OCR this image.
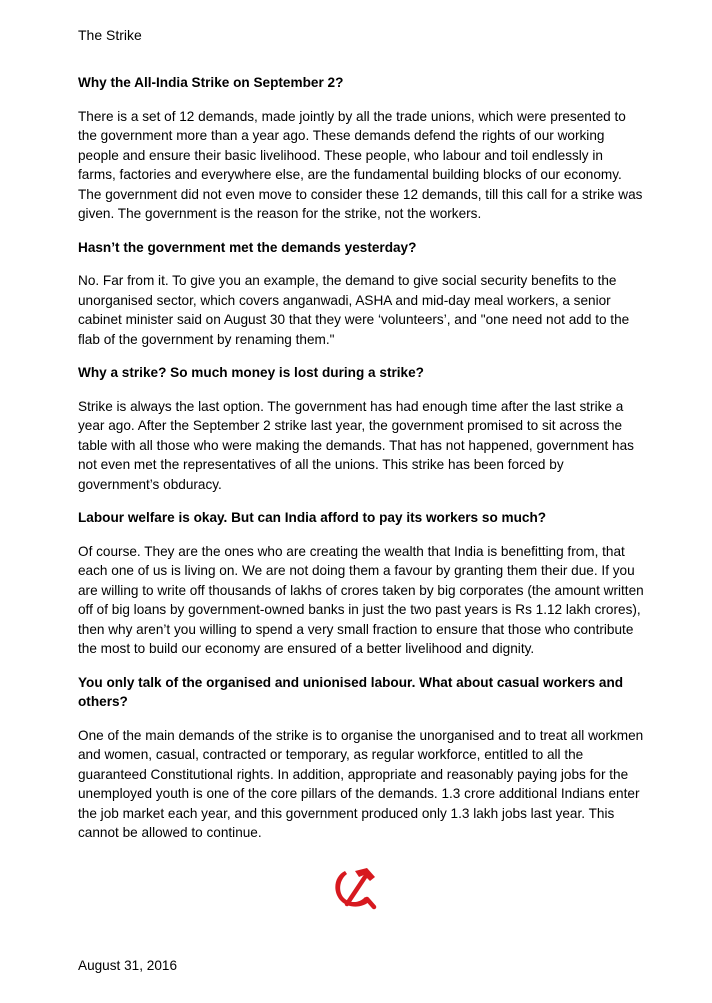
The Strike

Why the All-India Strike on September 2?

There is a set of 12 demands, made jointly by all the trade unions, which were presented to the government more than a year ago. These demands defend the rights of our working people and ensure their basic livelihood. These people, who labour and toil endlessly in farms, factories and everywhere else, are the fundamental building blocks of our economy. The government did not even move to consider these 12 demands, till this call for a strike was given. The government is the reason for the strike, not the workers.

Hasn’t the government met the demands yesterday?

No. Far from it. To give you an example, the demand to give social security benefits to the unorganised sector, which covers anganwadi, ASHA and mid-day meal workers, a senior cabinet minister said on August 30 that they were ‘volunteers’, and "one need not add to the flab of the government by renaming them."

Why a strike? So much money is lost during a strike?

Strike is always the last option. The government has had enough time after the last strike a year ago. After the September 2 strike last year, the government promised to sit across the table with all those who were making the demands. That has not happened, government has not even met the representatives of all the unions. This strike has been forced by government’s obduracy.

Labour welfare is okay. But can India afford to pay its workers so much?

Of course. They are the ones who are creating the wealth that India is benefitting from, that each one of us is living on. We are not doing them a favour by granting them their due. If you are willing to write off thousands of lakhs of crores taken by big corporates (the amount written off of big loans by government-owned banks in just the two past years is Rs 1.12 lakh crores), then why aren’t you willing to spend a very small fraction to ensure that those who contribute the most to build our economy are ensured of a better livelihood and dignity.

You only talk of the organised and unionised labour. What about casual workers and others?

One of the main demands of the strike is to organise the unorganised and to treat all workmen and women, casual, contracted or temporary, as regular workforce, entitled to all the guaranteed Constitutional rights. In addition, appropriate and reasonably paying jobs for the unemployed youth is one of the core pillars of the demands. 1.3 crore additional Indians enter the job market each year, and this government produced only 1.3 lakh jobs last year. This cannot be allowed to continue.

August 31, 2016
